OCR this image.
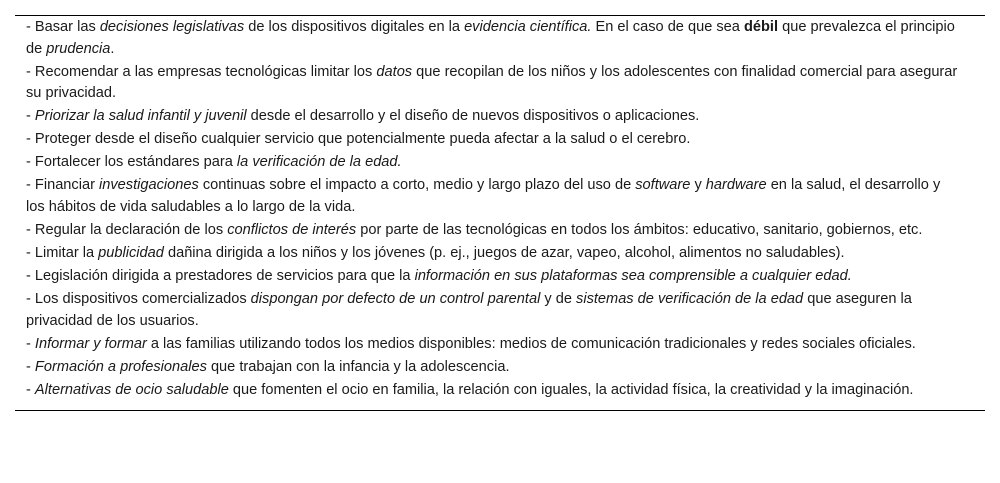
- Basar las decisiones legislativas de los dispositivos digitales en la evidencia científica. En el caso de que sea débil que prevalezca el principio de prudencia.
- Recomendar a las empresas tecnológicas limitar los datos que recopilan de los niños y los adolescentes con finalidad comercial para asegurar su privacidad.
- Priorizar la salud infantil y juvenil desde el desarrollo y el diseño de nuevos dispositivos o aplicaciones.
- Proteger desde el diseño cualquier servicio que potencialmente pueda afectar a la salud o el cerebro.
- Fortalecer los estándares para la verificación de la edad.
- Financiar investigaciones continuas sobre el impacto a corto, medio y largo plazo del uso de software y hardware en la salud, el desarrollo y los hábitos de vida saludables a lo largo de la vida.
- Regular la declaración de los conflictos de interés por parte de las tecnológicas en todos los ámbitos: educativo, sanitario, gobiernos, etc.
- Limitar la publicidad dañina dirigida a los niños y los jóvenes (p. ej., juegos de azar, vapeo, alcohol, alimentos no saludables).
- Legislación dirigida a prestadores de servicios para que la información en sus plataformas sea comprensible a cualquier edad.
- Los dispositivos comercializados dispongan por defecto de un control parental y de sistemas de verificación de la edad que aseguren la privacidad de los usuarios.
- Informar y formar a las familias utilizando todos los medios disponibles: medios de comunicación tradicionales y redes sociales oficiales.
- Formación a profesionales que trabajan con la infancia y la adolescencia.
- Alternativas de ocio saludable que fomenten el ocio en familia, la relación con iguales, la actividad física, la creatividad y la imaginación.
